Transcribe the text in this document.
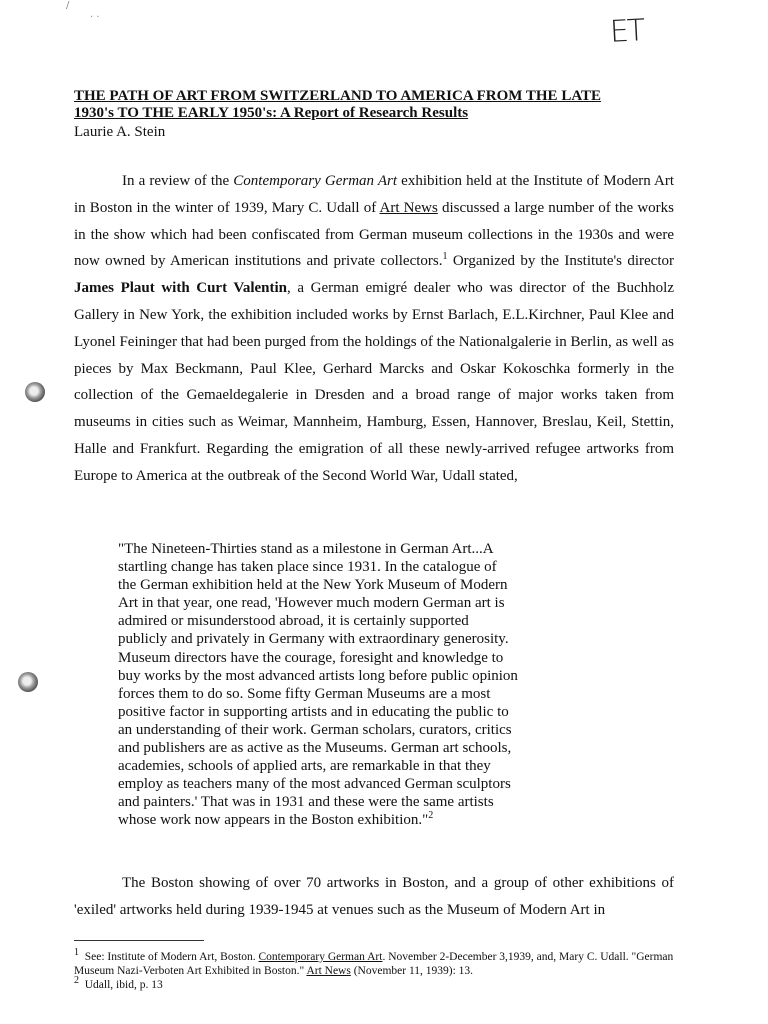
/
· ·	ET
THE PATH OF ART FROM SWITZERLAND TO AMERICA FROM THE LATE
1930's TO THE EARLY 1950's: A Report of Research Results
Laurie A. Stein
In a review of the Contemporary German Art exhibition held at the Institute of Modern Art in Boston in the winter of 1939, Mary C. Udall of Art News discussed a large number of the works in the show which had been confiscated from German museum collections in the 1930s and were now owned by American institutions and private collectors.$^1$ Organized by the Institute's director James Plaut with Curt Valentin, a German emigré dealer who was director of the Buchholz Gallery in New York, the exhibition included works by Ernst Barlach, E.L.Kirchner, Paul Klee and Lyonel Feininger that had been purged from the holdings of the Nationalgalerie in Berlin, as well as pieces by Max Beckmann, Paul Klee, Gerhard Marcks and Oskar Kokoschka formerly in the collection of the Gemaeldegalerie in Dresden and a broad range of major works taken from museums in cities such as Weimar, Mannheim, Hamburg, Essen, Hannover, Breslau, Keil, Stettin, Halle and Frankfurt. Regarding the emigration of all these newly-arrived refugee artworks from Europe to America at the outbreak of the Second World War, Udall stated,
"The Nineteen-Thirties stand as a milestone in German Art...A startling change has taken place since 1931. In the catalogue of the German exhibition held at the New York Museum of Modern Art in that year, one read, 'However much modern German art is admired or misunderstood abroad, it is certainly supported publicly and privately in Germany with extraordinary generosity. Museum directors have the courage, foresight and knowledge to buy works by the most advanced artists long before public opinion forces them to do so. Some fifty German Museums are a most positive factor in supporting artists and in educating the public to an understanding of their work. German scholars, curators, critics and publishers are as active as the Museums. German art schools, academies, schools of applied arts, are remarkable in that they employ as teachers many of the most advanced German sculptors and painters.' That was in 1931 and these were the same artists whose work now appears in the Boston exhibition."$^2$
The Boston showing of over 70 artworks in Boston, and a group of other exhibitions of 'exiled' artworks held during 1939-1945 at venues such as the Museum of Modern Art in

$^1$ See: Institute of Modern Art, Boston. Contemporary German Art. November 2-December 3,1939, and, Mary C. Udall. "German Museum Nazi-Verboten Art Exhibited in Boston." Art News (November 11, 1939): 13.

$^2$ Udall, ibid, p. 13
